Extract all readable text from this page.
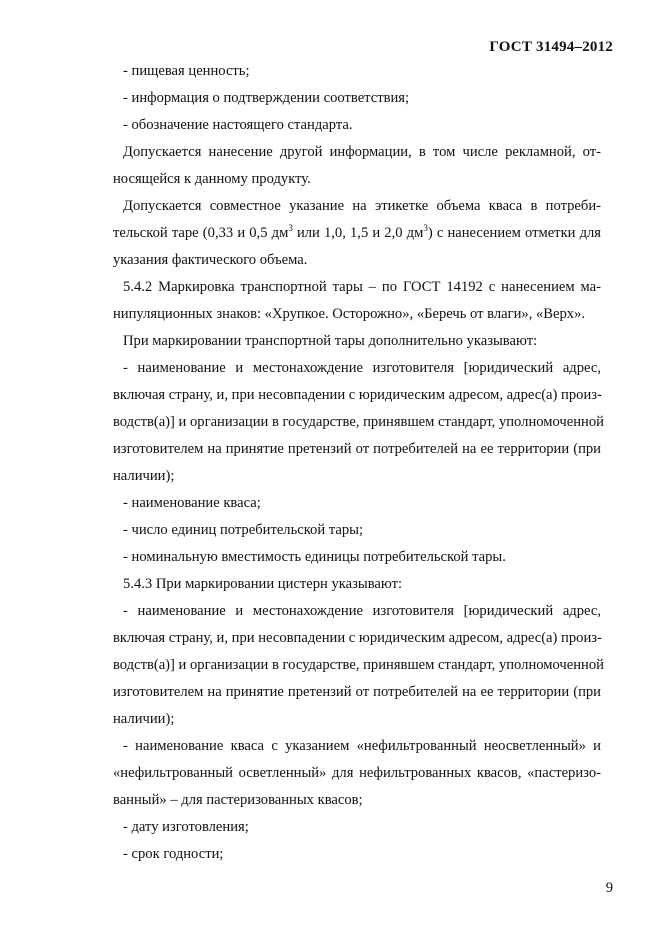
ГОСТ 31494–2012
- пищевая ценность;
- информация о подтверждении соответствия;
- обозначение настоящего стандарта.
Допускается нанесение другой информации, в том числе рекламной, от-
носящейся к данному продукту.
Допускается совместное указание на этикетке объема кваса в потреби-
тельской таре (0,33 и 0,5 $дм^3$ или 1,0, 1,5 и 2,0 $дм^3$) с нанесением отметки для
указания фактического объема.
5.4.2 Маркировка транспортной тары – по ГОСТ 14192 с нанесением ма-
нипуляционных знаков: «Хрупкое. Осторожно», «Беречь от влаги», «Верх».
При маркировании транспортной тары дополнительно указывают:
- наименование и местонахождение изготовителя [юридический адрес,
включая страну, и, при несовпадении с юридическим адресом, адрес(а) произ-
водств(а)] и организации в государстве, принявшем стандарт, уполномоченной
изготовителем на принятие претензий от потребителей на ее территории (при
наличии);
- наименование кваса;
- число единиц потребительской тары;
- номинальную вместимость единицы потребительской тары.
5.4.3 При маркировании цистерн указывают:
- наименование и местонахождение изготовителя [юридический адрес,
включая страну, и, при несовпадении с юридическим адресом, адрес(а) произ-
водств(а)] и организации в государстве, принявшем стандарт, уполномоченной
изготовителем на принятие претензий от потребителей на ее территории (при
наличии);
- наименование кваса с указанием «нефильтрованный неосветленный» и
«нефильтрованный осветленный» для нефильтрованных квасов, «пастеризо-
ванный» – для пастеризованных квасов;
- дату изготовления;
- срок годности;
9
